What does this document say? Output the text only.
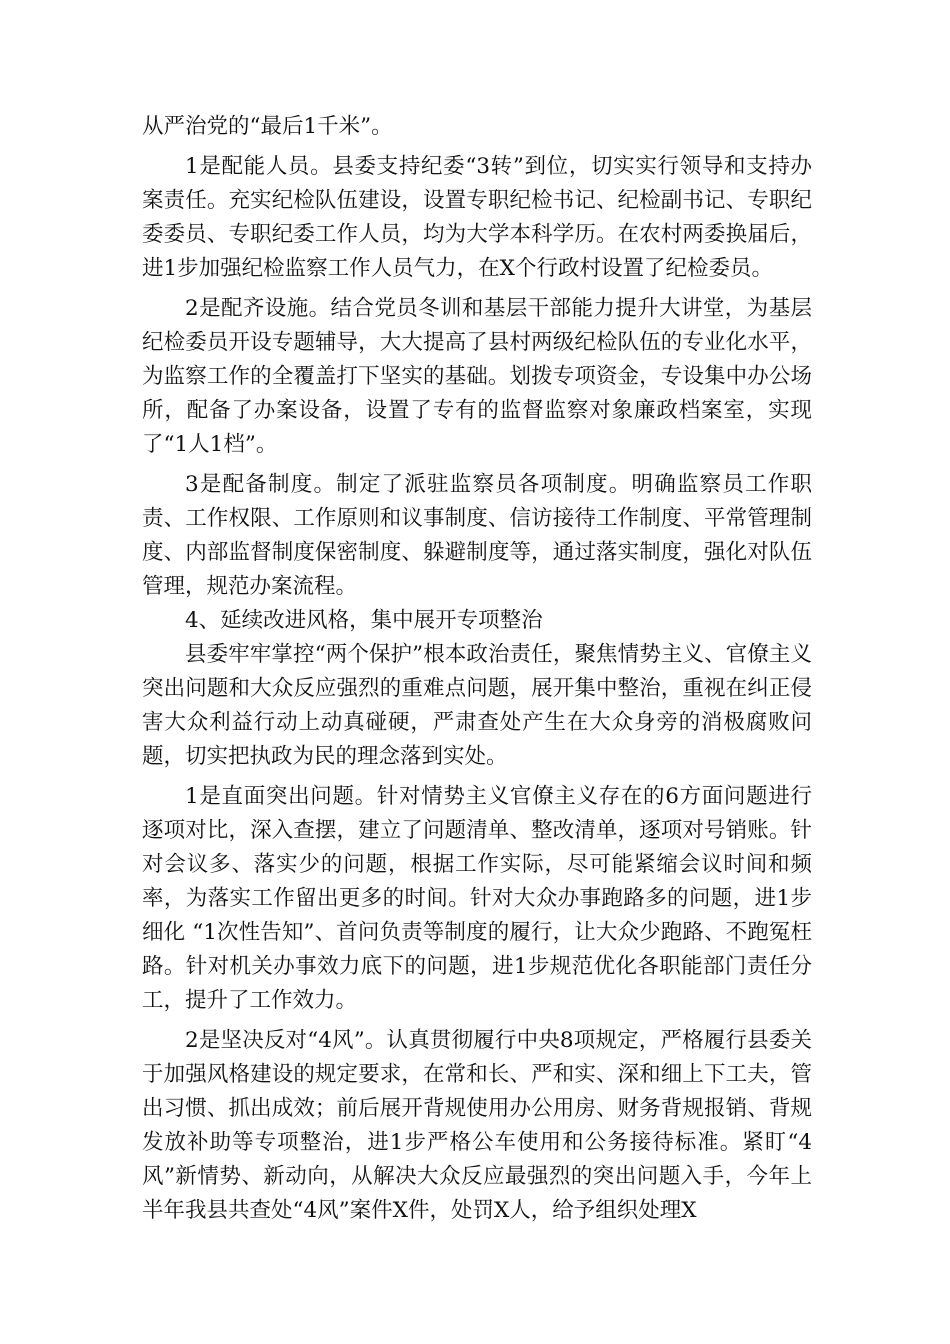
从严治党的“最后1千米”。

1是配能人员。县委支持纪委“3转”到位，切实实行领导和支持办案责任。充实纪检队伍建设，设置专职纪检书记、纪检副书记、专职纪委委员、专职纪委工作人员，均为大学本科学历。在农村两委换届后，进1步加强纪检监察工作人员气力，在X个行政村设置了纪检委员。

2是配齐设施。结合党员冬训和基层干部能力提升大讲堂，为基层纪检委员开设专题辅导，大大提高了县村两级纪检队伍的专业化水平，为监察工作的全覆盖打下坚实的基础。划拨专项资金，专设集中办公场所，配备了办案设备，设置了专有的监督监察对象廉政档案室，实现了“1人1档”。

3是配备制度。制定了派驻监察员各项制度。明确监察员工作职责、工作权限、工作原则和议事制度、信访接待工作制度、平常管理制度、内部监督制度保密制度、躲避制度等，通过落实制度，强化对队伍管理，规范办案流程。

4、延续改进风格，集中展开专项整治

县委牢牢掌控“两个保护”根本政治责任，聚焦情势主义、官僚主义突出问题和大众反应强烈的重难点问题，展开集中整治，重视在纠正侵害大众利益行动上动真碰硬，严肃查处产生在大众身旁的消极腐败问题，切实把执政为民的理念落到实处。

1是直面突出问题。针对情势主义官僚主义存在的6方面问题进行逐项对比，深入查摆，建立了问题清单、整改清单，逐项对号销账。针对会议多、落实少的问题，根据工作实际，尽可能紧缩会议时间和频率，为落实工作留出更多的时间。针对大众办事跑路多的问题，进1步细化 “1次性告知”、首问负责等制度的履行，让大众少跑路、不跑冤枉路。针对机关办事效力底下的问题，进1步规范优化各职能部门责任分工，提升了工作效力。

2是坚决反对“4风”。认真贯彻履行中央8项规定，严格履行县委关于加强风格建设的规定要求，在常和长、严和实、深和细上下工夫，管出习惯、抓出成效；前后展开背规使用办公用房、财务背规报销、背规发放补助等专项整治，进1步严格公车使用和公务接待标准。紧盯“4风”新情势、新动向，从解决大众反应最强烈的突出问题入手，今年上半年我县共查处“4风”案件X件，处罚X人，给予组织处理X
